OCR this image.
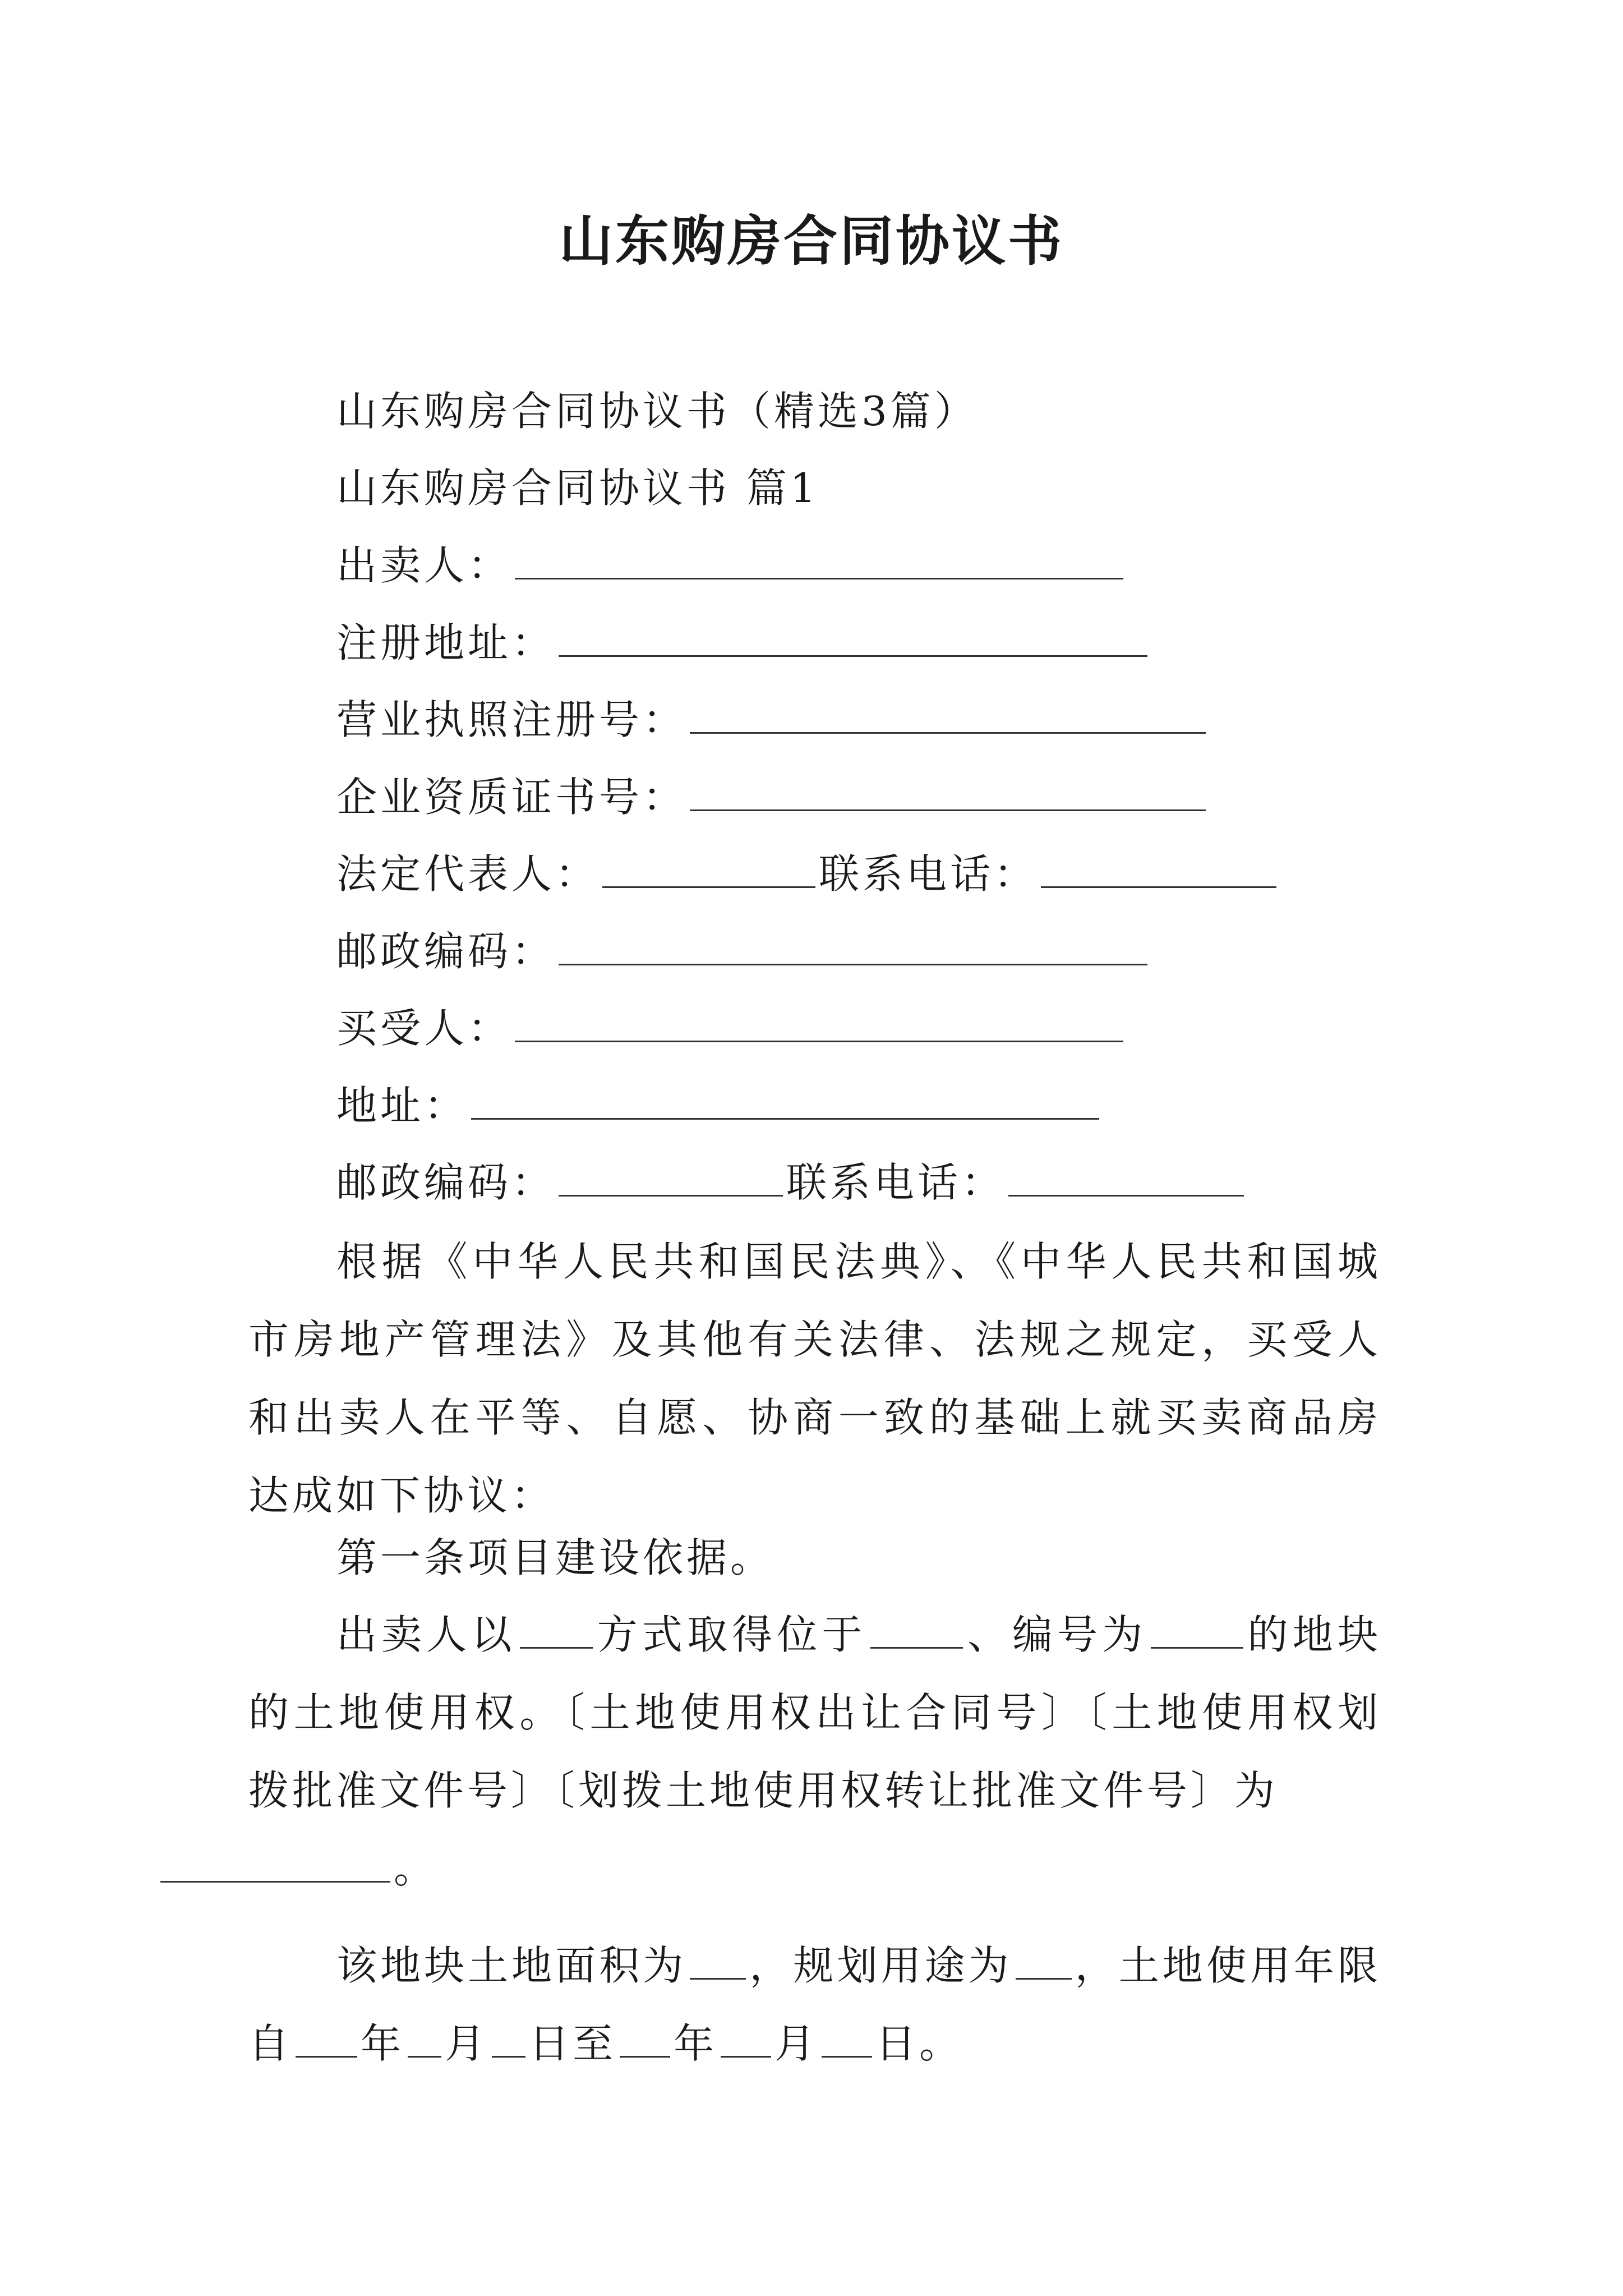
山东购房合同协议书
山东购房合同协议书（精选3篇）
山东购房合同协议书 篇1
出卖人：
注册地址：
营业执照注册号：
企业资质证书号：
法定代表人：	联系电话：
邮政编码：
买受人：
地址：
邮政编码：	联系电话：

根据《中华人民共和国民法典》、《中华人民共和国城市房地产管理法》及其他有关法律、法规之规定，买受人和出卖人在平等、自愿、协商一致的基础上就买卖商品房达成如下协议：

第一条项目建设依据。

出卖人以 方式取得位于 、编号为 的地块的土地使用权。〔土地使用权出让合同号〕〔土地使用权划拨批准文件号〕〔划拨土地使用权转让批准文件号〕为
。

该地块土地面积为 ，规划用途为 ，土地使用年限自 年 月 日至 年 月 日。
